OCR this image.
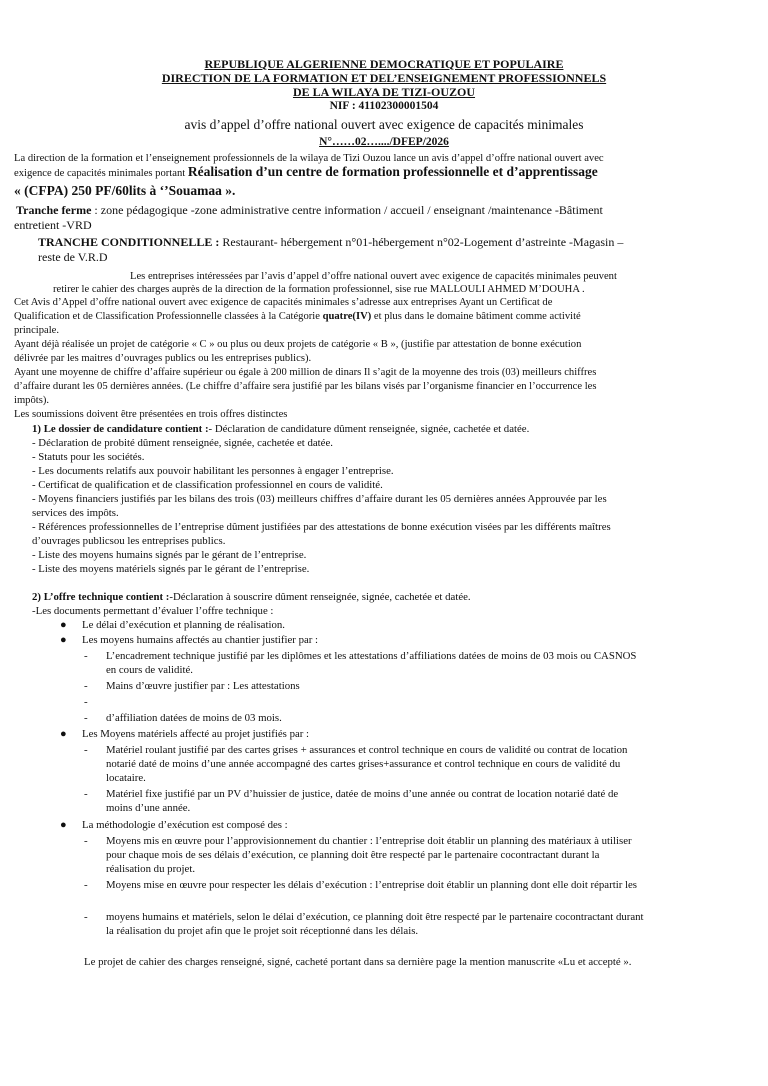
REPUBLIQUE ALGERIENNE DEMOCRATIQUE ET POPULAIRE
DIRECTION DE LA FORMATION ET DEL’ENSEIGNEMENT PROFESSIONNELS
DE LA WILAYA DE TIZI-OUZOU
NIF : 41102300001504
avis d’appel d’offre national ouvert avec exigence de capacités minimales
N°……02…..../DFEP/2026
La direction de la formation et l’enseignement professionnels de la wilaya de Tizi Ouzou lance un avis d’appel d’offre national ouvert avec
exigence de capacités minimales portant Réalisation d’un centre de formation professionnelle et d’apprentissage
« (CFPA) 250 PF/60lits à ‘’Souamaa ».
Tranche ferme : zone pédagogique -zone administrative centre information / accueil / enseignant /maintenance -Bâtiment
entretient -VRD
TRANCHE CONDITIONNELLE : Restaurant- hébergement n°01-hébergement n°02-Logement d’astreinte -Magasin –
reste de V.R.D
Les entreprises intéressées par l’avis d’appel d’offre national ouvert avec exigence de capacités minimales peuvent
retirer le cahier des charges auprès de la direction de la formation professionnel, sise rue MALLOULI AHMED M’DOUHA .
Cet Avis d’Appel d’offre national ouvert avec exigence de capacités minimales s’adresse aux entreprises Ayant un Certificat de
Qualification et de Classification Professionnelle classées à la Catégorie quatre(IV) et plus dans le domaine bâtiment comme activité
principale.
Ayant déjà réalisée un projet de catégorie « C » ou plus ou deux projets de catégorie « B », (justifie par attestation de bonne exécution
délivrée par les maitres d’ouvrages publics ou les entreprises publics).
Ayant une moyenne de chiffre d’affaire supérieur ou égale à 200 million de dinars Il s’agit de la moyenne des trois (03) meilleurs chiffres
d’affaire durant les 05 dernières années. (Le chiffre d’affaire sera justifié par les bilans visés par l’organisme financier en l’occurrence les
impôts).
Les soumissions doivent être présentées en trois offres distinctes
1) Le dossier de candidature contient :- Déclaration de candidature dûment renseignée, signée, cachetée et datée.
- Déclaration de probité dûment renseignée, signée, cachetée et datée.
- Statuts pour les sociétés.
- Les documents relatifs aux pouvoir habilitant les personnes à engager l’entreprise.
- Certificat de qualification et de classification professionnel en cours de validité.
- Moyens financiers justifiés par les bilans des trois (03) meilleurs chiffres d’affaire durant les 05 dernières années Approuvée par les
services des impôts.
- Références professionnelles de l’entreprise dûment justifiées par des attestations de bonne exécution visées par les différents maîtres
d’ouvrages publicsou les entreprises publics.
- Liste des moyens humains signés par le gérant de l’entreprise.
- Liste des moyens matériels signés par le gérant de l’entreprise.
2) L’offre technique contient :-Déclaration à souscrire dûment renseignée, signée, cachetée et datée.
-Les documents permettant d’évaluer l’offre technique :
● Le délai d’exécution et planning de réalisation.
● Les moyens humains affectés au chantier justifier par :
- L’encadrement technique justifié par les diplômes et les attestations d’affiliations datées de moins de 03 mois ou CASNOS
en cours de validité.
- Mains d’œuvre justifier par : Les attestations
-
- d’affiliation datées de moins de 03 mois.
● Les Moyens matériels affecté au projet justifiés par :
- Matériel roulant justifié par des cartes grises + assurances et control technique en cours de validité ou contrat de location
notarié daté de moins d’une année accompagné des cartes grises+assurance et control technique en cours de validité du
locataire.
- Matériel fixe justifié par un PV d’huissier de justice, datée de moins d’une année ou contrat de location notarié daté de
moins d’une année.
● La méthodologie d’exécution est composé des :
- Moyens mis en œuvre pour l’approvisionnement du chantier : l’entreprise doit établir un planning des matériaux à utiliser
pour chaque mois de ses délais d’exécution, ce planning doit être respecté par le partenaire cocontractant durant la
réalisation du projet.
- Moyens mise en œuvre pour respecter les délais d’exécution : l’entreprise doit établir un planning dont elle doit répartir les
- moyens humains et matériels, selon le délai d’exécution, ce planning doit être respecté par le partenaire cocontractant durant
la réalisation du projet afin que le projet soit réceptionné dans les délais.
Le projet de cahier des charges renseigné, signé, cacheté portant dans sa dernière page la mention manuscrite «Lu et accepté ».
